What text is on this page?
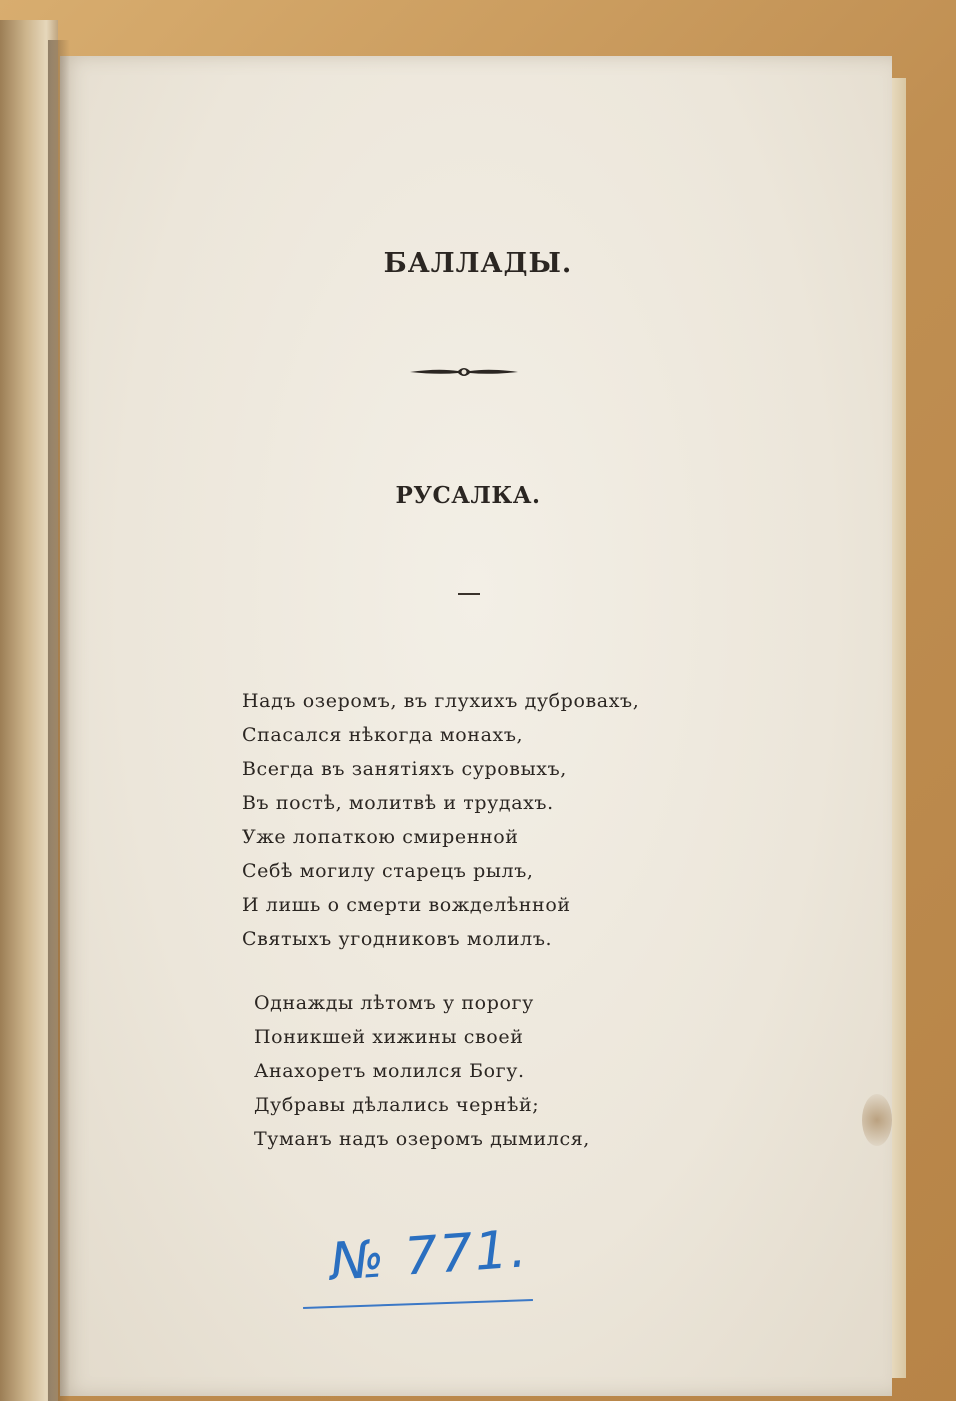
БАЛЛАДЫ.
РУСАЛКА.
Надъ озеромъ, въ глухихъ дубровахъ,
Спасался нѣкогда монахъ,
Всегда въ занятіяхъ суровыхъ,
Въ постѣ, молитвѣ и трудахъ.
Уже лопаткою смиренной
Себѣ могилу старецъ рылъ,
И лишь о смерти вожделѣнной
Святыхъ угодниковъ молилъ.
Однажды лѣтомъ у порогу
Поникшей хижины своей
Анахоретъ молился Богу.
Дубравы дѣлались чернѣй;
Туманъ надъ озеромъ дымился,
№ 771.
